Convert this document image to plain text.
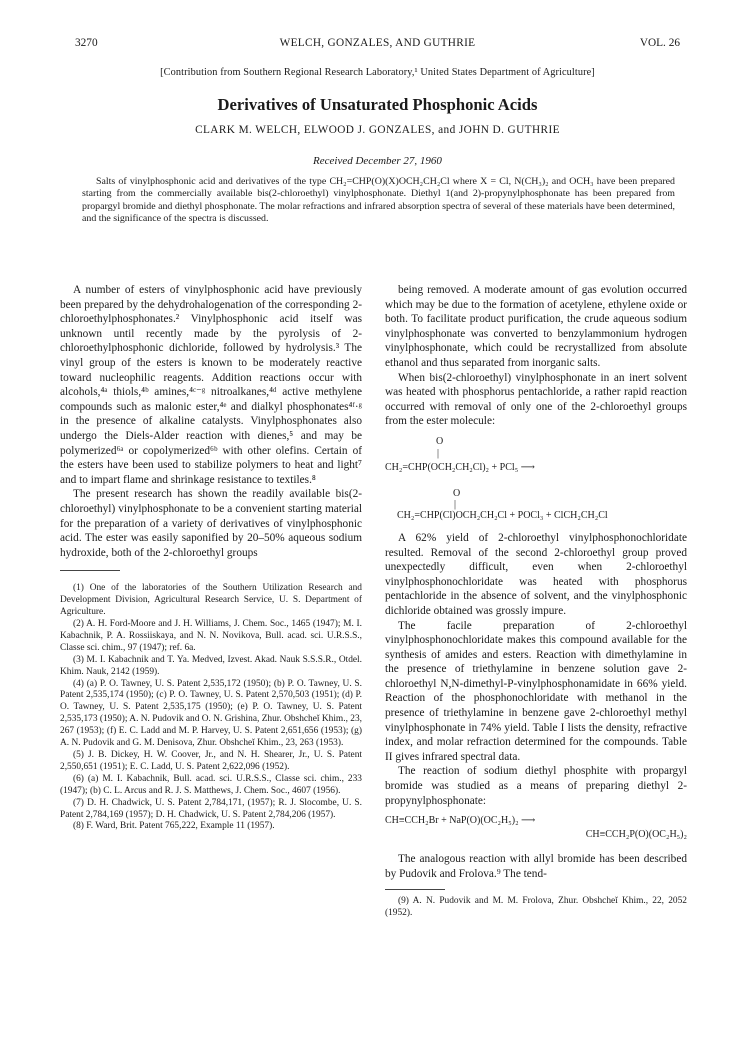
3270	WELCH, GONZALES, AND GUTHRIE	VOL. 26
[Contribution from Southern Regional Research Laboratory,¹ United States Department of Agriculture]
Derivatives of Unsaturated Phosphonic Acids
CLARK M. WELCH, ELWOOD J. GONZALES, and JOHN D. GUTHRIE
Received December 27, 1960
Salts of vinylphosphonic acid and derivatives of the type CH₂=CHP(O)(X)OCH₂CH₂Cl where X = Cl, N(CH₃)₂ and OCH₃ have been prepared starting from the commercially available bis(2-chloroethyl) vinylphosphonate. Diethyl 1(and 2)-propynylphosphonate has been prepared from propargyl bromide and diethyl phosphonate. The molar refractions and infrared absorption spectra of several of these materials have been determined, and the significance of the spectra is discussed.

A number of esters of vinylphosphonic acid have previously been prepared by the dehydrohalogenation of the corresponding 2-chloroethylphosphonates.² Vinylphosphonic acid itself was unknown until recently made by the pyrolysis of 2-chloroethylphosphonic dichloride, followed by hydrolysis.³ The vinyl group of the esters is known to be moderately reactive toward nucleophilic reagents. Addition reactions occur with alcohols,⁴ᵃ thiols,⁴ᵇ amines,⁴ᶜ⁻ᵍ nitroalkanes,⁴ᵈ active methylene compounds such as malonic ester,⁴ᵉ and dialkyl phosphonates⁴ᶠ·ᵍ in the presence of alkaline catalysts. Vinylphosphonates also undergo the Diels-Alder reaction with dienes,⁵ and may be polymerized⁶ᵃ or copolymerized⁶ᵇ with other olefins. Certain of the esters have been used to stabilize polymers to heat and light⁷ and to impart flame and shrinkage resistance to textiles.⁸

The present research has shown the readily available bis(2-chloroethyl) vinylphosphonate to be a convenient starting material for the preparation of a variety of derivatives of vinylphosphonic acid. The ester was easily saponified by 20–50% aqueous sodium hydroxide, both of the 2-chloroethyl groups

(1) One of the laboratories of the Southern Utilization Research and Development Division, Agricultural Research Service, U. S. Department of Agriculture.

(2) A. H. Ford-Moore and J. H. Williams, J. Chem. Soc., 1465 (1947); M. I. Kabachnik, P. A. Rossiiskaya, and N. N. Novikova, Bull. acad. sci. U.R.S.S., Classe sci. chim., 97 (1947); ref. 6a.

(3) M. I. Kabachnik and T. Ya. Medved, Izvest. Akad. Nauk S.S.S.R., Otdel. Khim. Nauk, 2142 (1959).

(4) (a) P. O. Tawney, U. S. Patent 2,535,172 (1950); (b) P. O. Tawney, U. S. Patent 2,535,174 (1950); (c) P. O. Tawney, U. S. Patent 2,570,503 (1951); (d) P. O. Tawney, U. S. Patent 2,535,175 (1950); (e) P. O. Tawney, U. S. Patent 2,535,173 (1950); A. N. Pudovik and O. N. Grishina, Zhur. Obshcheĭ Khim., 23, 267 (1953); (f) E. C. Ladd and M. P. Harvey, U. S. Patent 2,651,656 (1953); (g) A. N. Pudovik and G. M. Denisova, Zhur. Obshcheĭ Khim., 23, 263 (1953).

(5) J. B. Dickey, H. W. Coover, Jr., and N. H. Shearer, Jr., U. S. Patent 2,550,651 (1951); E. C. Ladd, U. S. Patent 2,622,096 (1952).

(6) (a) M. I. Kabachnik, Bull. acad. sci. U.R.S.S., Classe sci. chim., 233 (1947); (b) C. L. Arcus and R. J. S. Matthews, J. Chem. Soc., 4607 (1956).

(7) D. H. Chadwick, U. S. Patent 2,784,171, (1957); R. J. Slocombe, U. S. Patent 2,784,169 (1957); D. H. Chadwick, U. S. Patent 2,784,206 (1957).

(8) F. Ward, Brit. Patent 765,222, Example 11 (1957).

being removed. A moderate amount of gas evolution occurred which may be due to the formation of acetylene, ethylene oxide or both. To facilitate product purification, the crude aqueous sodium vinylphosphonate was converted to benzylammonium hydrogen vinylphosphonate, which could be recrystallized from absolute ethanol and thus separated from inorganic salts.

When bis(2-chloroethyl) vinylphosphonate in an inert solvent was heated with phosphorus pentachloride, a rather rapid reaction occurred with removal of only one of the 2-chloroethyl groups from the ester molecule:

O
|
CH₂=CHP(OCH₂CH₂Cl)₂ + PCl₅ ⟶
O
|
CH₂=CHP(Cl)OCH₂CH₂Cl + POCl₃ + ClCH₂CH₂Cl

A 62% yield of 2-chloroethyl vinylphosphonochloridate resulted. Removal of the second 2-chloroethyl group proved unexpectedly difficult, even when 2-chloroethyl vinylphosphonochloridate was heated with phosphorus pentachloride in the absence of solvent, and the vinylphosphonic dichloride obtained was grossly impure.

The facile preparation of 2-chloroethyl vinylphosphonochloridate makes this compound available for the synthesis of amides and esters. Reaction with dimethylamine in the presence of triethylamine in benzene solution gave 2-chloroethyl N,N-dimethyl-P-vinylphosphonamidate in 66% yield. Reaction of the phosphonochloridate with methanol in the presence of triethylamine in benzene gave 2-chloroethyl methyl vinylphosphonate in 74% yield. Table I lists the density, refractive index, and molar refraction determined for the compounds. Table II gives infrared spectral data.

The reaction of sodium diethyl phosphite with propargyl bromide was studied as a means of preparing diethyl 2-propynylphosphonate:

CH≡CCH₂Br + NaP(O)(OC₂H₅)₂ ⟶
CH≡CCH₂P(O)(OC₂H₅)₂

The analogous reaction with allyl bromide has been described by Pudovik and Frolova.⁹ The tend-

(9) A. N. Pudovik and M. M. Frolova, Zhur. Obshcheĭ Khim., 22, 2052 (1952).
